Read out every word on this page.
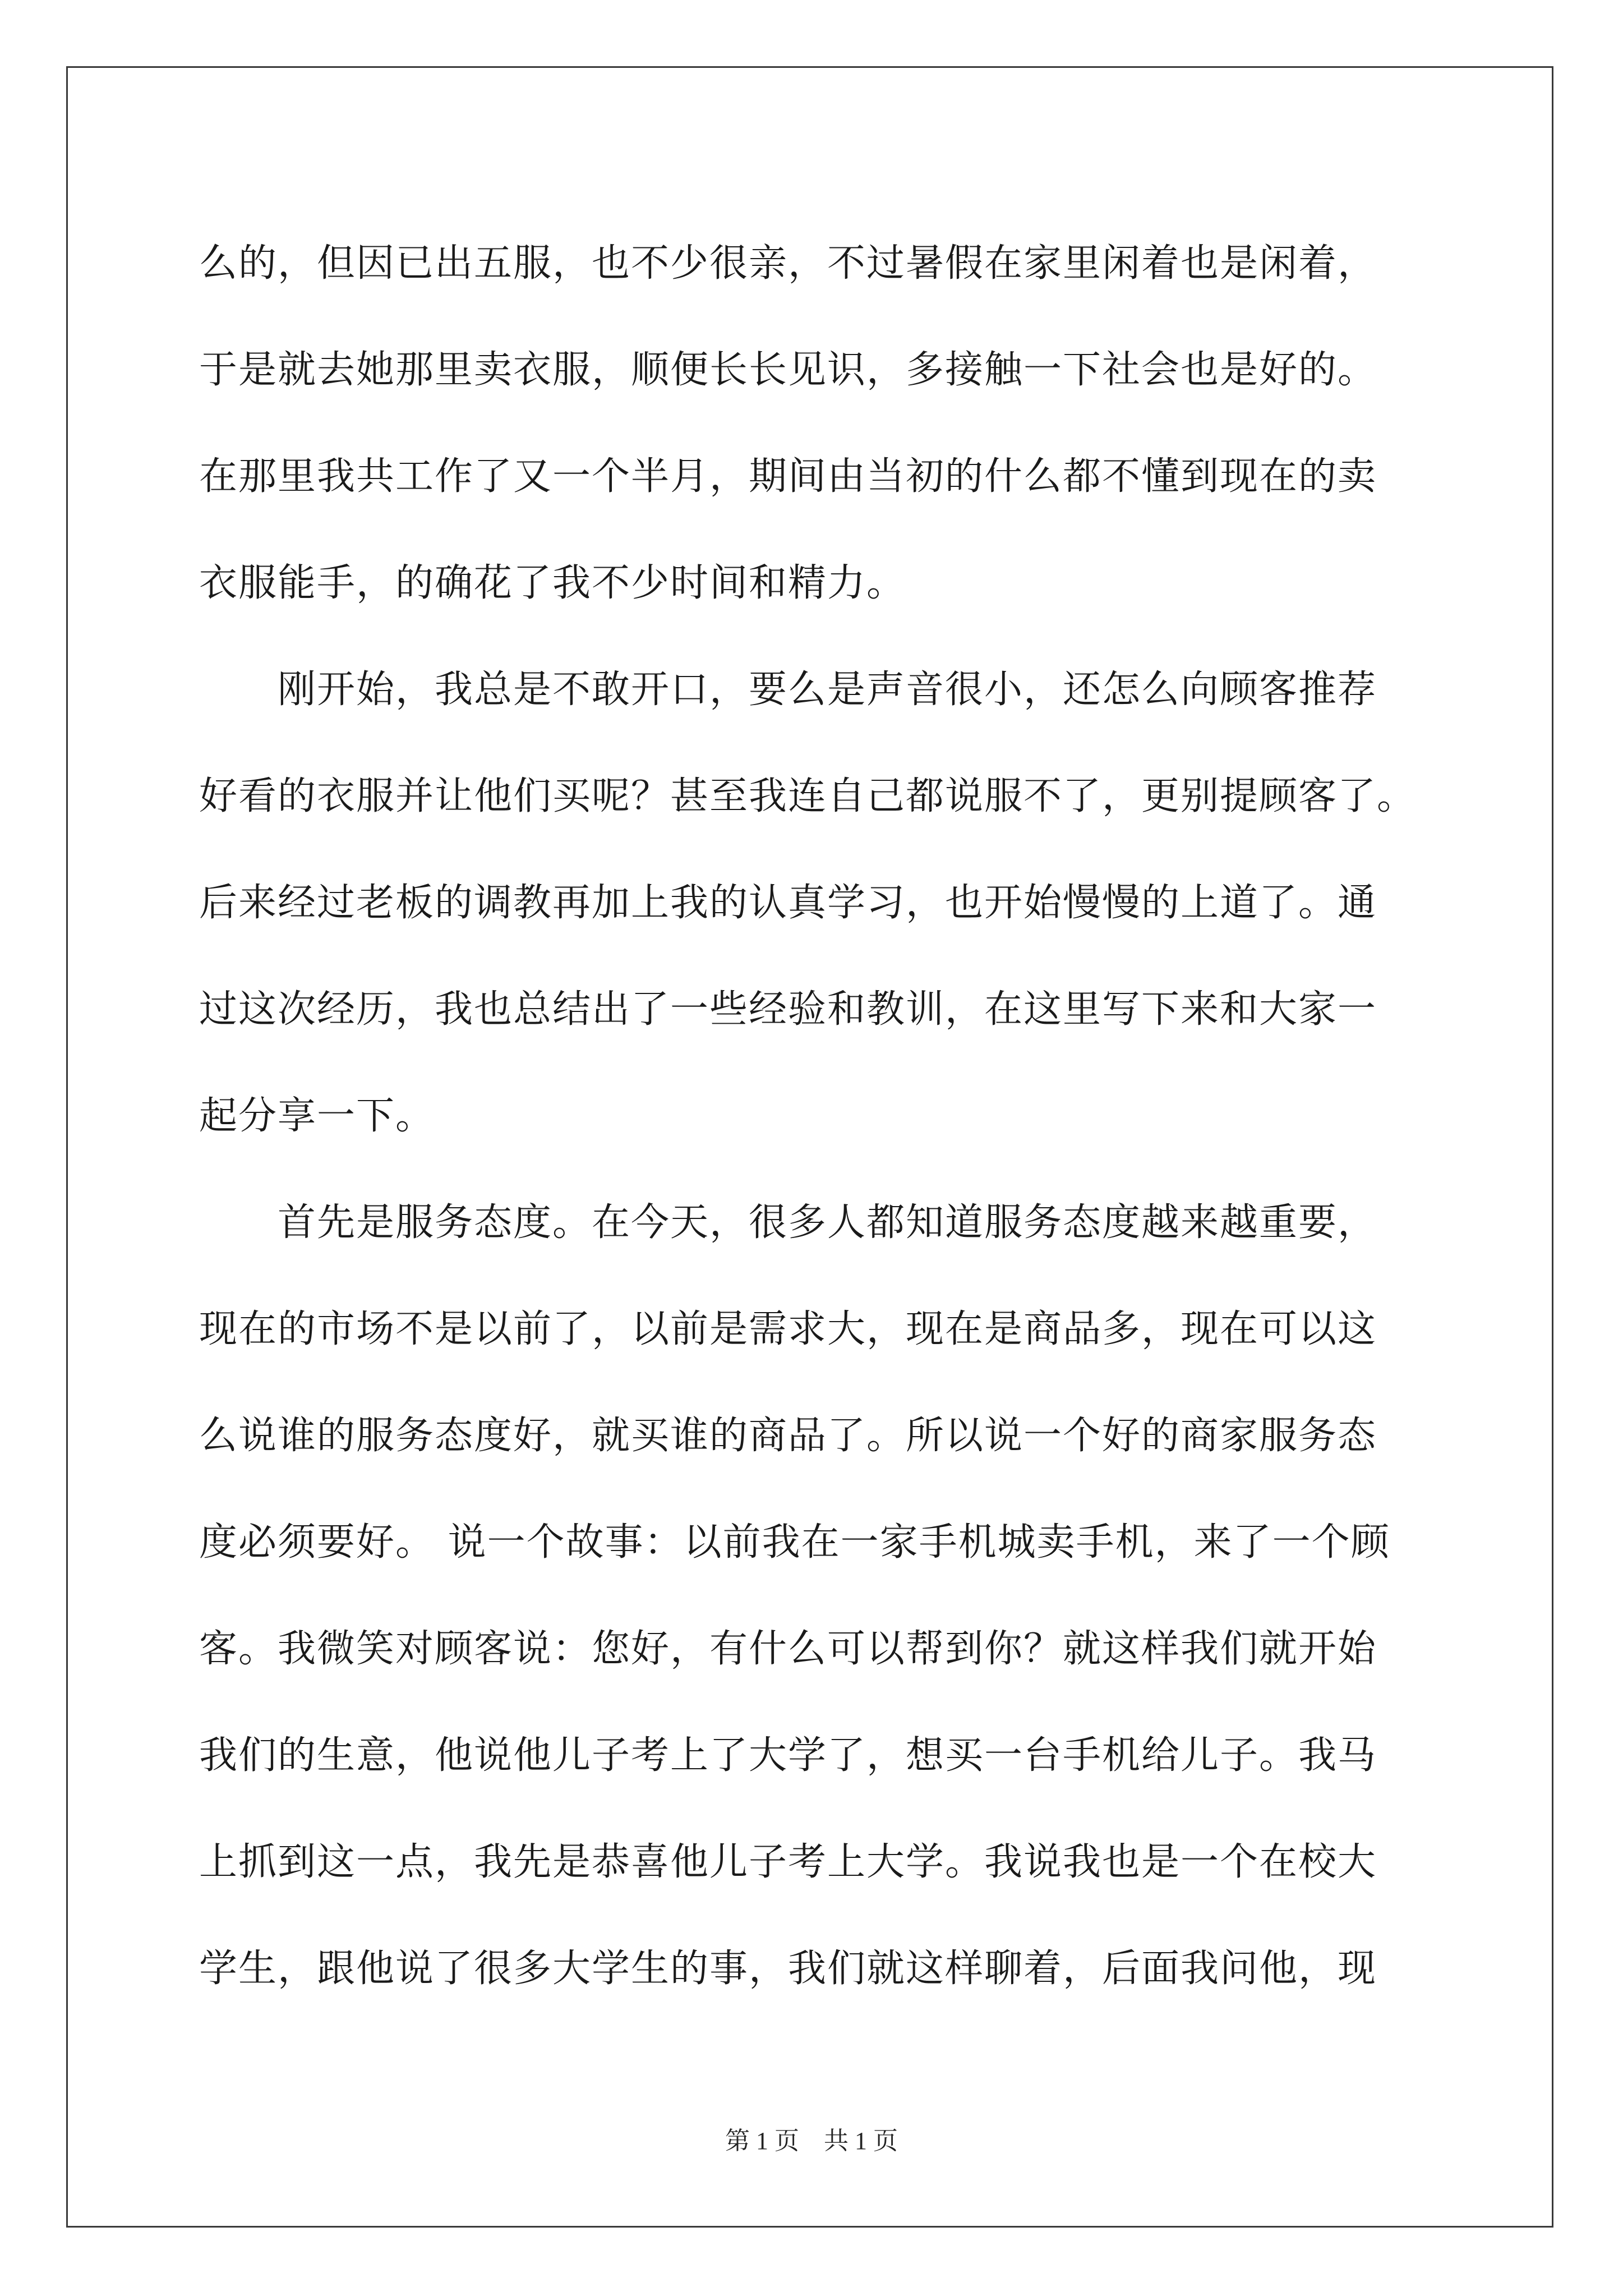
么的，但因已出五服，也不少很亲，不过暑假在家里闲着也是闲着，
于是就去她那里卖衣服，顺便长长见识，多接触一下社会也是好的。
在那里我共工作了又一个半月，期间由当初的什么都不懂到现在的卖
衣服能手，的确花了我不少时间和精力。
刚开始，我总是不敢开口，要么是声音很小，还怎么向顾客推荐
好看的衣服并让他们买呢？甚至我连自己都说服不了，更别提顾客了。
后来经过老板的调教再加上我的认真学习，也开始慢慢的上道了。通
过这次经历，我也总结出了一些经验和教训，在这里写下来和大家一
起分享一下。
首先是服务态度。在今天，很多人都知道服务态度越来越重要，
现在的市场不是以前了，以前是需求大，现在是商品多，现在可以这
么说谁的服务态度好，就买谁的商品了。所以说一个好的商家服务态
度必须要好。 说一个故事：以前我在一家手机城卖手机，来了一个顾
客。我微笑对顾客说：您好，有什么可以帮到你？就这样我们就开始
我们的生意，他说他儿子考上了大学了，想买一台手机给儿子。我马
上抓到这一点，我先是恭喜他儿子考上大学。我说我也是一个在校大
学生，跟他说了很多大学生的事，我们就这样聊着，后面我问他，现
第 1 页　共 1 页
